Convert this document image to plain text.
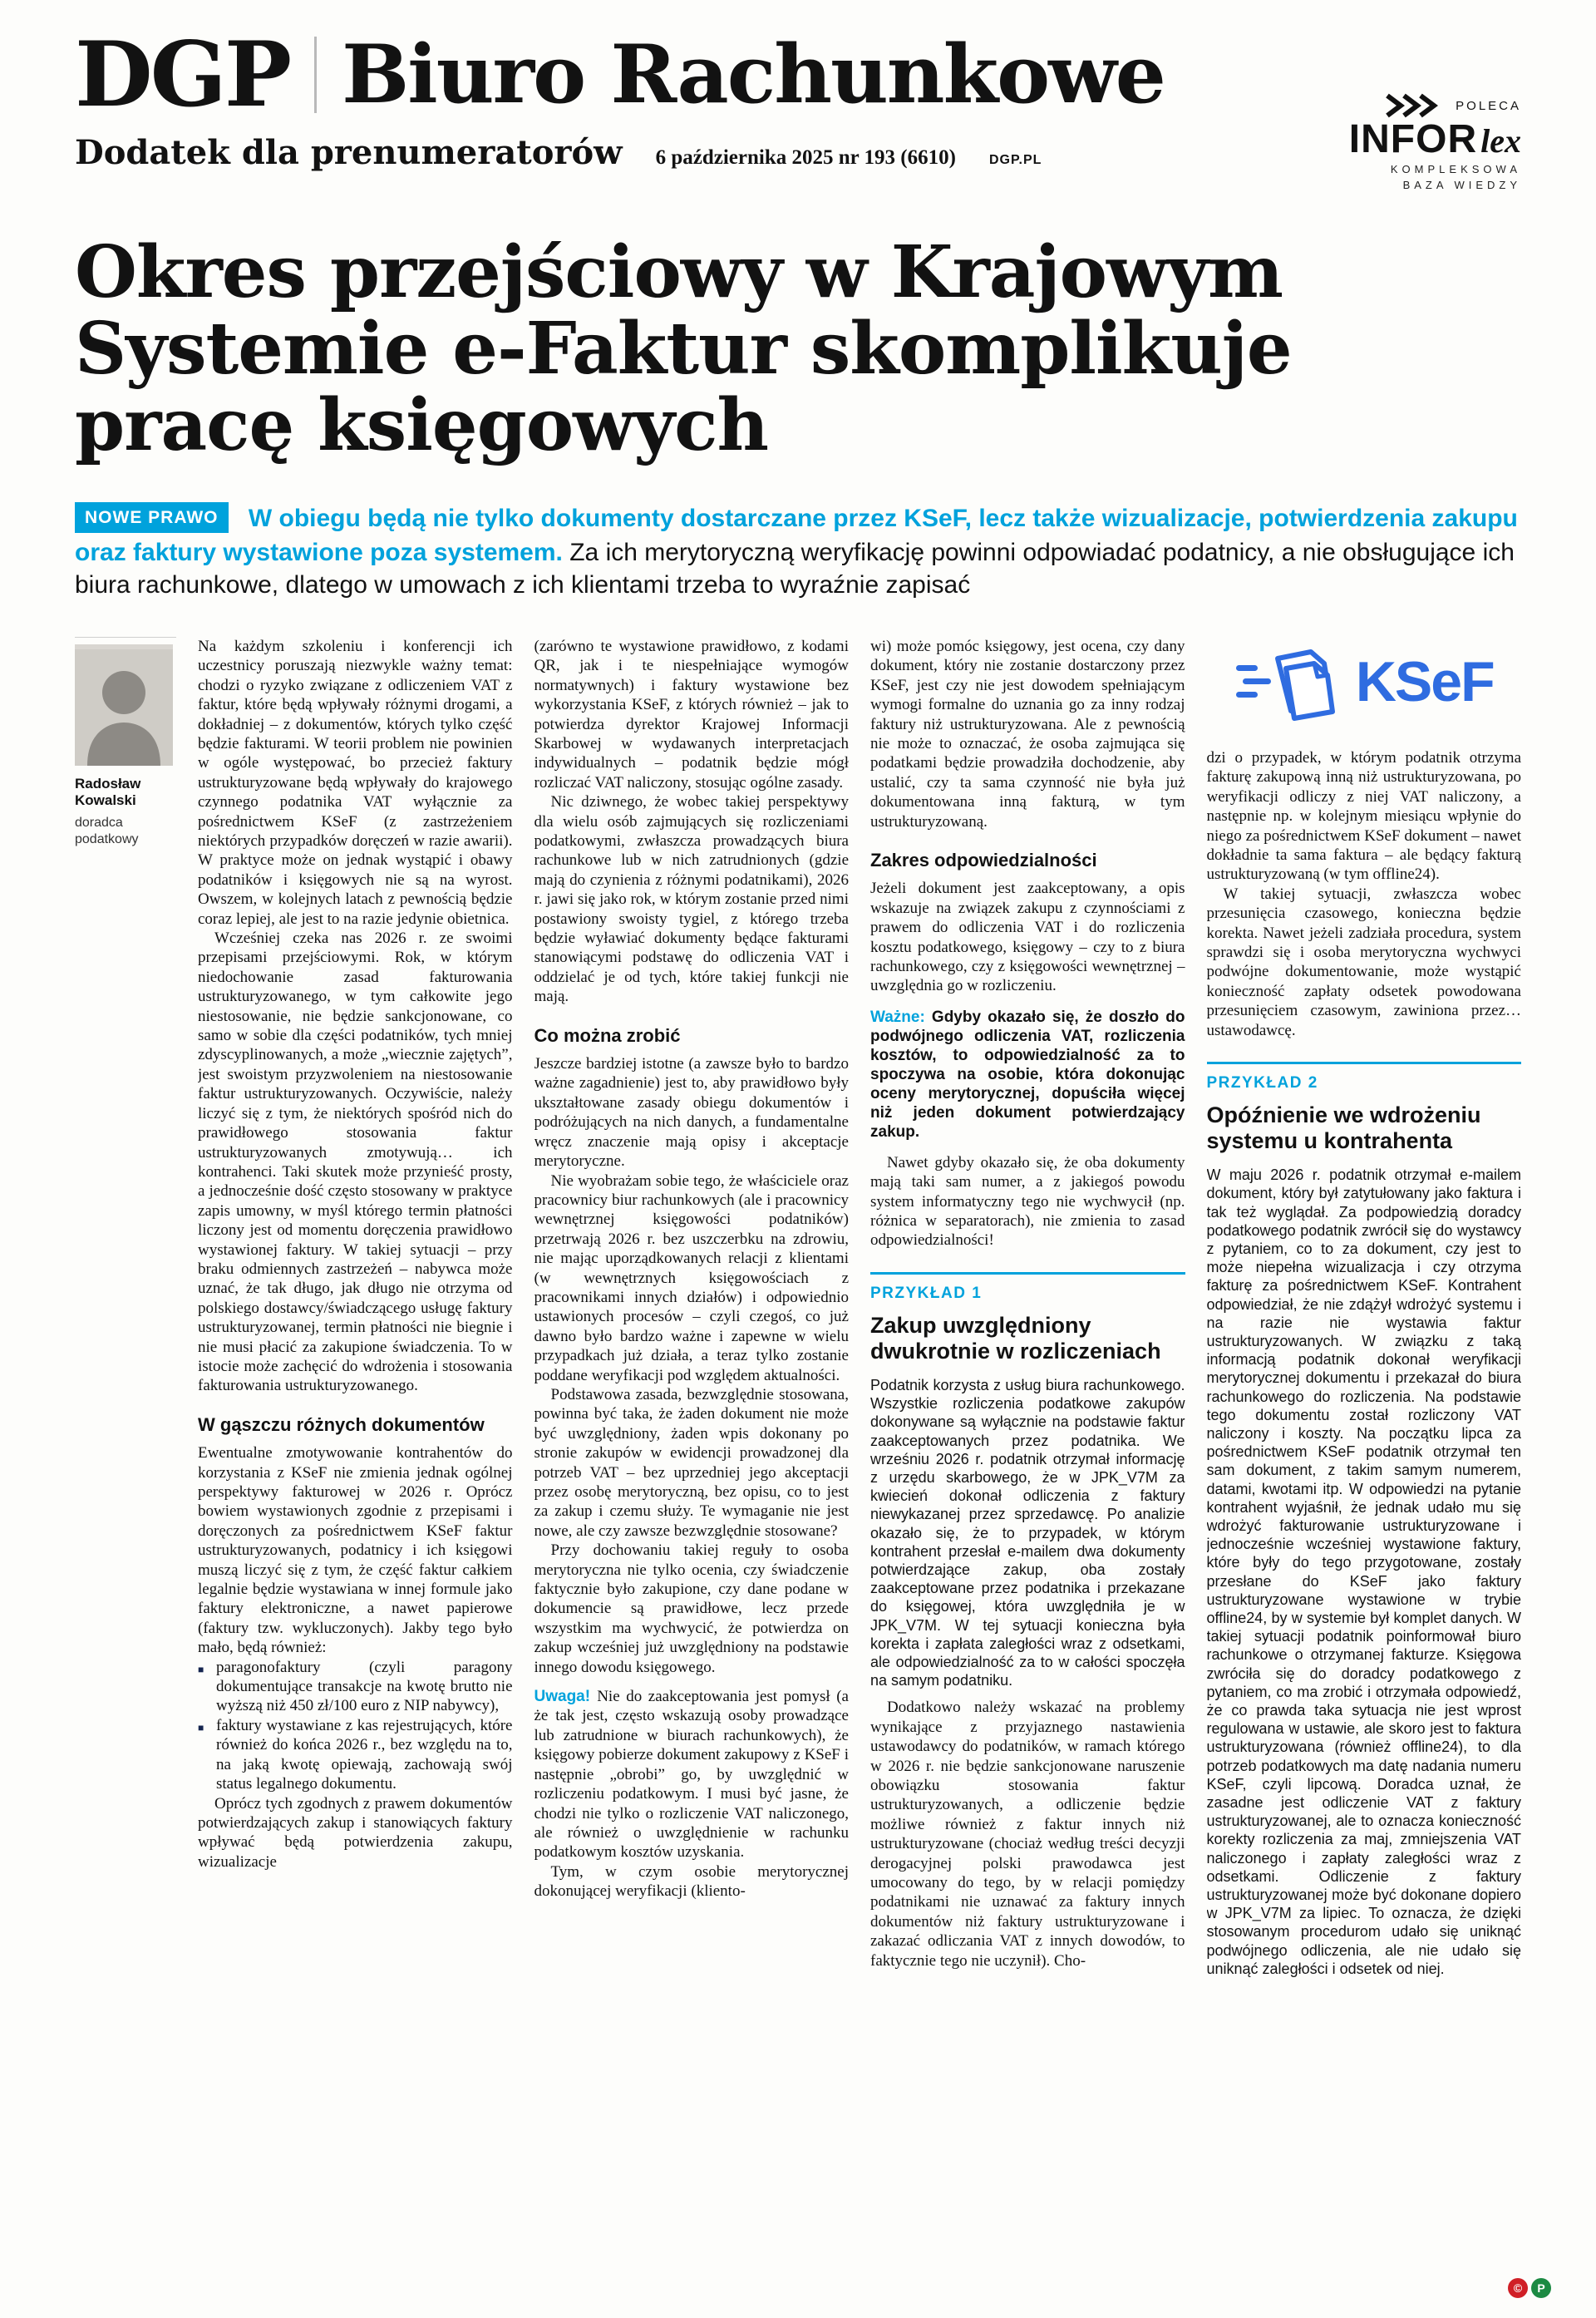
DGP Biuro Rachunkowe
Dodatek dla prenumeratorów 6 października 2025 nr 193 (6610)	DGP.PL
POLECA
INFOR lex
KOMPLEKSOWA
BAZA WIEDZY
Okres przejściowy w Krajowym Systemie e-Faktur skomplikuje pracę księgowych

NOWE PRAWO W obiegu będą nie tylko dokumenty dostarczane przez KSeF, lecz także wizualizacje, potwierdzenia zakupu oraz faktury wystawione poza systemem. Za ich merytoryczną weryfikację powinni odpowiadać podatnicy, a nie obsługujące ich biura rachunkowe, dlatego w umowach z ich klientami trzeba to wyraźnie zapisać

Radosław Kowalski
doradca podatkowy

Na każdym szkoleniu i konferencji ich uczestnicy poruszają niezwykle ważny temat: chodzi o ryzyko związane z odliczeniem VAT z faktur, które będą wpływały różnymi drogami, a dokładniej – z dokumentów, których tylko część będzie fakturami. W teorii problem nie powinien w ogóle występować, bo przecież faktury ustrukturyzowane będą wpływały do krajowego czynnego podatnika VAT wyłącznie za pośrednictwem KSeF (z zastrzeżeniem niektórych przypadków doręczeń w razie awarii). W praktyce może on jednak wystąpić i obawy podatników i księgowych nie są na wyrost. Owszem, w kolejnych latach z pewnością będzie coraz lepiej, ale jest to na razie jedynie obietnica.

Wcześniej czeka nas 2026 r. ze swoimi przepisami przejściowymi. Rok, w którym niedochowanie zasad fakturowania ustrukturyzowanego, w tym całkowite jego niestosowanie, nie będzie sankcjonowane, co samo w sobie dla części podatników, tych mniej zdyscyplinowanych, a może „wiecznie zajętych”, jest swoistym przyzwoleniem na niestosowanie faktur ustrukturyzowanych. Oczywiście, należy liczyć się z tym, że niektórych spośród nich do prawidłowego stosowania faktur ustrukturyzowanych zmotywują… ich kontrahenci. Taki skutek może przynieść prosty, a jednocześnie dość często stosowany w praktyce zapis umowny, w myśl którego termin płatności liczony jest od momentu doręczenia prawidłowo wystawionej faktury. W takiej sytuacji – przy braku odmiennych zastrzeżeń – nabywca może uznać, że tak długo, jak długo nie otrzyma od polskiego dostawcy/świadczącego usługę faktury ustrukturyzowanej, termin płatności nie biegnie i nie musi płacić za zakupione świadczenia. To w istocie może zachęcić do wdrożenia i stosowania fakturowania ustrukturyzowanego.

W gąszczu różnych dokumentów

Ewentualne zmotywowanie kontrahentów do korzystania z KSeF nie zmienia jednak ogólnej perspektywy fakturowej w 2026 r. Oprócz bowiem wystawionych zgodnie z przepisami i doręczonych za pośrednictwem KSeF faktur ustrukturyzowanych, podatnicy i ich księgowi muszą liczyć się z tym, że część faktur całkiem legalnie będzie wystawiana w innej formule jako faktury elektroniczne, a nawet papierowe (faktury tzw. wykluczonych). Jakby tego było mało, będą również:

■ paragonofaktury (czyli paragony dokumentujące transakcje na kwotę brutto nie wyższą niż 450 zł/100 euro z NIP nabywcy),

■ faktury wystawiane z kas rejestrujących, które również do końca 2026 r., bez względu na to, na jaką kwotę opiewają, zachowają swój status legalnego dokumentu.

Oprócz tych zgodnych z prawem dokumentów potwierdzających zakup i stanowiących faktury wpływać będą potwierdzenia zakupu, wizualizacje

(zarówno te wystawione prawidłowo, z kodami QR, jak i te niespełniające wymogów normatywnych) i faktury wystawione bez wykorzystania KSeF, z których również – jak to potwierdza dyrektor Krajowej Informacji Skarbowej w wydawanych interpretacjach indywidualnych – podatnik będzie mógł rozliczać VAT naliczony, stosując ogólne zasady.

Nic dziwnego, że wobec takiej perspektywy dla wielu osób zajmujących się rozliczeniami podatkowymi, zwłaszcza prowadzących biura rachunkowe lub w nich zatrudnionych (gdzie mają do czynienia z różnymi podatnikami), 2026 r. jawi się jako rok, w którym zostanie przed nimi postawiony swoisty tygiel, z którego trzeba będzie wyławiać dokumenty będące fakturami stanowiącymi podstawę do odliczenia VAT i oddzielać je od tych, które takiej funkcji nie mają.

Co można zrobić

Jeszcze bardziej istotne (a zawsze było to bardzo ważne zagadnienie) jest to, aby prawidłowo były ukształtowane zasady obiegu dokumentów i podróżujących na nich danych, a fundamentalne wręcz znaczenie mają opisy i akceptacje merytoryczne.

Nie wyobrażam sobie tego, że właściciele oraz pracownicy biur rachunkowych (ale i pracownicy wewnętrznej księgowości podatników) przetrwają 2026 r. bez uszczerbku na zdrowiu, nie mając uporządkowanych relacji z klientami (w wewnętrznych księgowościach z pracownikami innych działów) i odpowiednio ustawionych procesów – czyli czegoś, co już dawno było bardzo ważne i zapewne w wielu przypadkach już działa, a teraz tylko zostanie poddane weryfikacji pod względem aktualności.

Podstawowa zasada, bezwzględnie stosowana, powinna być taka, że żaden dokument nie może być uwzględniony, żaden wpis dokonany po stronie zakupów w ewidencji prowadzonej dla potrzeb VAT – bez uprzedniej jego akceptacji przez osobę merytoryczną, bez opisu, co to jest za zakup i czemu służy. Te wymaganie nie jest nowe, ale czy zawsze bezwzględnie stosowane?

Przy dochowaniu takiej reguły to osoba merytoryczna nie tylko ocenia, czy świadczenie faktycznie było zakupione, czy dane podane w dokumencie są prawidłowe, lecz przede wszystkim ma wychwycić, że potwierdza on zakup wcześniej już uwzględniony na podstawie innego dowodu księgowego.

Uwaga! Nie do zaakceptowania jest pomysł (a że tak jest, często wskazują osoby prowadzące lub zatrudnione w biurach rachunkowych), że księgowy pobierze dokument zakupowy z KSeF i następnie „obrobi” go, by uwzględnić w rozliczeniu podatkowym. I musi być jasne, że chodzi nie tylko o rozliczenie VAT naliczonego, ale również o uwzględnienie w rachunku podatkowym kosztów uzyskania.

Tym, w czym osobie merytorycznej dokonującej weryfikacji (kliento-

wi) może pomóc księgowy, jest ocena, czy dany dokument, który nie zostanie dostarczony przez KSeF, jest czy nie jest dowodem spełniającym wymogi formalne do uznania go za inny rodzaj faktury niż ustrukturyzowana. Ale z pewnością nie może to oznaczać, że osoba zajmująca się podatkami będzie prowadziła dochodzenie, aby ustalić, czy ta sama czynność nie była już dokumentowana inną fakturą, w tym ustrukturyzowaną.

Zakres odpowiedzialności

Jeżeli dokument jest zaakceptowany, a opis wskazuje na związek zakupu z czynnościami z prawem do odliczenia VAT i do rozliczenia kosztu podatkowego, księgowy – czy to z biura rachunkowego, czy z księgowości wewnętrznej – uwzględnia go w rozliczeniu.

Ważne: Gdyby okazało się, że doszło do podwójnego odliczenia VAT, rozliczenia kosztów, to odpowiedzialność za to spoczywa na osobie, która dokonując oceny merytorycznej, dopuściła więcej niż jeden dokument potwierdzający zakup.

Nawet gdyby okazało się, że oba dokumenty mają taki sam numer, a z jakiegoś powodu system informatyczny tego nie wychwycił (np. różnica w separatorach), nie zmienia to zasad odpowiedzialności!

PRZYKŁAD 1
Zakup uwzględniony dwukrotnie w rozliczeniach

Podatnik korzysta z usług biura rachunkowego. Wszystkie rozliczenia podatkowe zakupów dokonywane są wyłącznie na podstawie faktur zaakceptowanych przez podatnika. We wrześniu 2026 r. podatnik otrzymał informację z urzędu skarbowego, że w JPK_V7M za kwiecień dokonał odliczenia z faktury niewykazanej przez sprzedawcę. Po analizie okazało się, że to przypadek, w którym kontrahent przesłał e-mailem dwa dokumenty potwierdzające zakup, oba zostały zaakceptowane przez podatnika i przekazane do księgowej, która uwzględniła je w JPK_V7M. W tej sytuacji konieczna była korekta i zapłata zaległości wraz z odsetkami, ale odpowiedzialność za to w całości spoczęła na samym podatniku.

Dodatkowo należy wskazać na problemy wynikające z przyjaznego nastawienia ustawodawcy do podatników, w ramach którego w 2026 r. nie będzie sankcjonowane naruszenie obowiązku stosowania faktur ustrukturyzowanych, a odliczenie będzie możliwe również z faktur innych niż ustrukturyzowane (chociaż według treści decyzji derogacyjnej polski prawodawca jest umocowany do tego, by w relacji pomiędzy podatnikami nie uznawać za faktury innych dokumentów niż faktury ustrukturyzowane i zakazać odliczania VAT z innych dowodów, to faktycznie tego nie uczynił). Cho-

KSeF

dzi o przypadek, w którym podatnik otrzyma fakturę zakupową inną niż ustrukturyzowana, po weryfikacji odliczy z niej VAT naliczony, a następnie np. w kolejnym miesiącu wpłynie do niego za pośrednictwem KSeF dokument – nawet dokładnie ta sama faktura – ale będący fakturą ustrukturyzowaną (w tym offline24).

W takiej sytuacji, zwłaszcza wobec przesunięcia czasowego, konieczna będzie korekta. Nawet jeżeli zadziała procedura, system sprawdzi się i osoba merytoryczna wychwyci podwójne dokumentowanie, może wystąpić konieczność zapłaty odsetek powodowana przesunięciem czasowym, zawiniona przez… ustawodawcę.

PRZYKŁAD 2
Opóźnienie we wdrożeniu systemu u kontrahenta

W maju 2026 r. podatnik otrzymał e-mailem dokument, który był zatytułowany jako faktura i tak też wyglądał. Za podpowiedzią doradcy podatkowego podatnik zwrócił się do wystawcy z pytaniem, co to za dokument, czy jest to może niepełna wizualizacja i czy otrzyma fakturę za pośrednictwem KSeF. Kontrahent odpowiedział, że nie zdążył wdrożyć systemu i na razie nie wystawia faktur ustrukturyzowanych. W związku z taką informacją podatnik dokonał weryfikacji merytorycznej dokumentu i przekazał do biura rachunkowego do rozliczenia. Na podstawie tego dokumentu został rozliczony VAT naliczony i koszty. Na początku lipca za pośrednictwem KSeF podatnik otrzymał ten sam dokument, z takim samym numerem, datami, kwotami itp. W odpowiedzi na pytanie kontrahent wyjaśnił, że jednak udało mu się wdrożyć fakturowanie ustrukturyzowane i jednocześnie wcześniej wystawione faktury, które były do tego przygotowane, zostały przesłane do KSeF jako faktury ustrukturyzowane wystawione w trybie offline24, by w systemie był komplet danych. W takiej sytuacji podatnik poinformował biuro rachunkowe o otrzymanej fakturze. Księgowa zwróciła się do doradcy podatkowego z pytaniem, co ma zrobić i otrzymała odpowiedź, że co prawda taka sytuacja nie jest wprost regulowana w ustawie, ale skoro jest to faktura ustrukturyzowana (również offline24), to dla potrzeb podatkowych ma datę nadania numeru KSeF, czyli lipcową. Doradca uznał, że zasadne jest odliczenie VAT z faktury ustrukturyzowanej, ale to oznacza konieczność korekty rozliczenia za maj, zmniejszenia VAT naliczonego i zapłaty zaległości wraz z odsetkami. Odliczenie z faktury ustrukturyzowanej może być dokonane dopiero w JPK_V7M za lipiec. To oznacza, że dzięki stosowanym procedurom udało się uniknąć podwójnego odliczenia, ale nie udało się uniknąć zaległości i odsetek od niej.

©	P
